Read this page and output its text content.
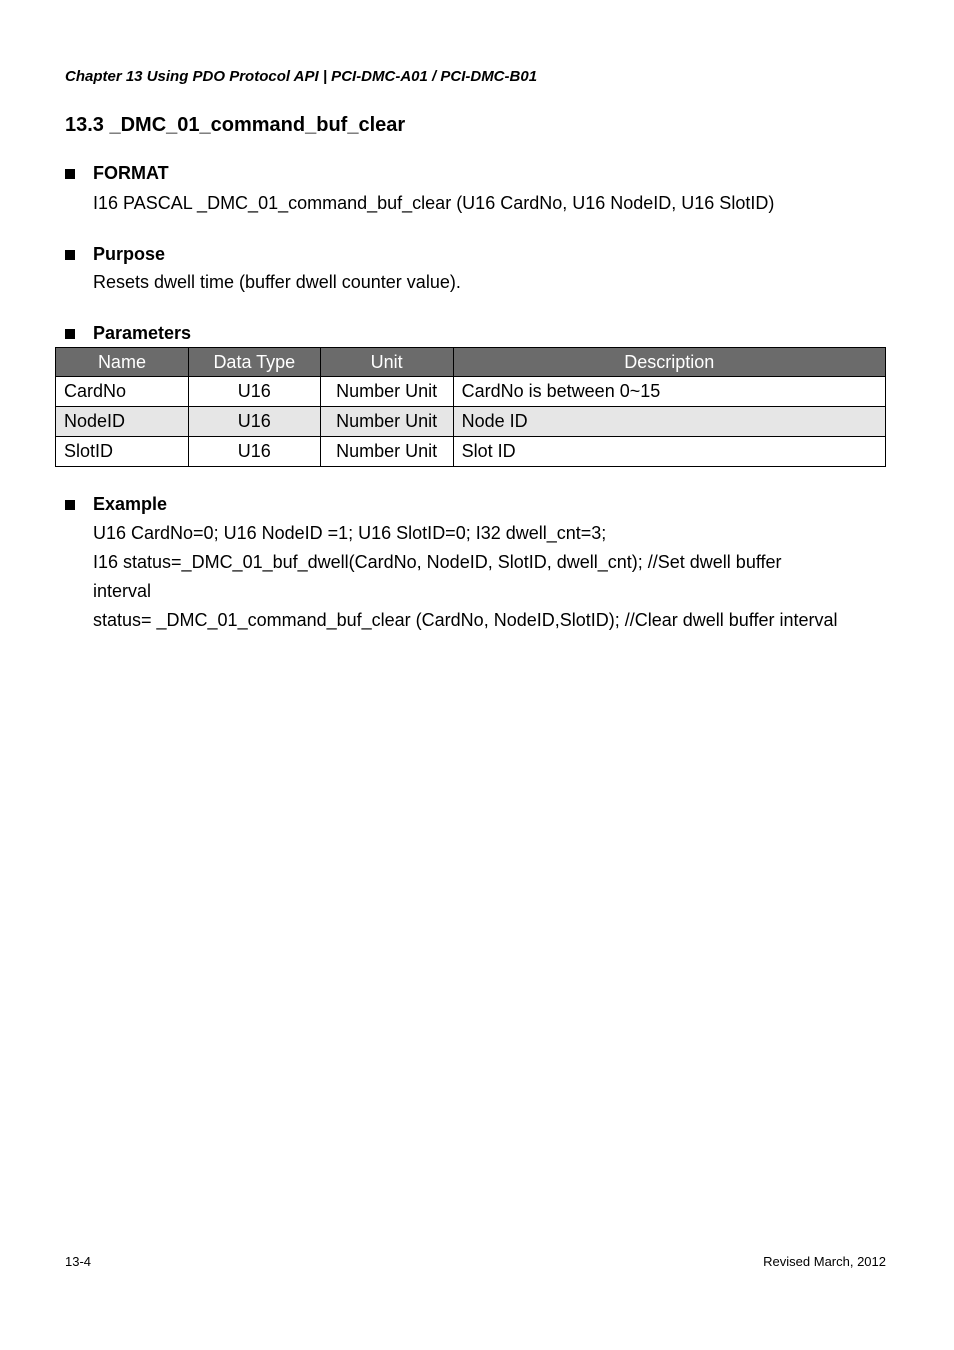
Chapter 13 Using PDO Protocol API | PCI-DMC-A01 / PCI-DMC-B01
13.3 _DMC_01_command_buf_clear
FORMAT
I16 PASCAL _DMC_01_command_buf_clear (U16 CardNo, U16 NodeID, U16 SlotID)
Purpose
Resets dwell time (buffer dwell counter value).
Parameters
Name	Data Type	Unit	Description
CardNo	U16	Number Unit	CardNo is between 0~15
NodeID	U16	Number Unit	Node ID
SlotID	U16	Number Unit	Slot ID
Example
U16 CardNo=0; U16 NodeID =1; U16 SlotID=0; I32 dwell_cnt=3;
I16 status=_DMC_01_buf_dwell(CardNo, NodeID, SlotID, dwell_cnt); //Set dwell buffer
interval
status= _DMC_01_command_buf_clear (CardNo, NodeID,SlotID); //Clear dwell buffer interval
13-4	Revised March, 2012
